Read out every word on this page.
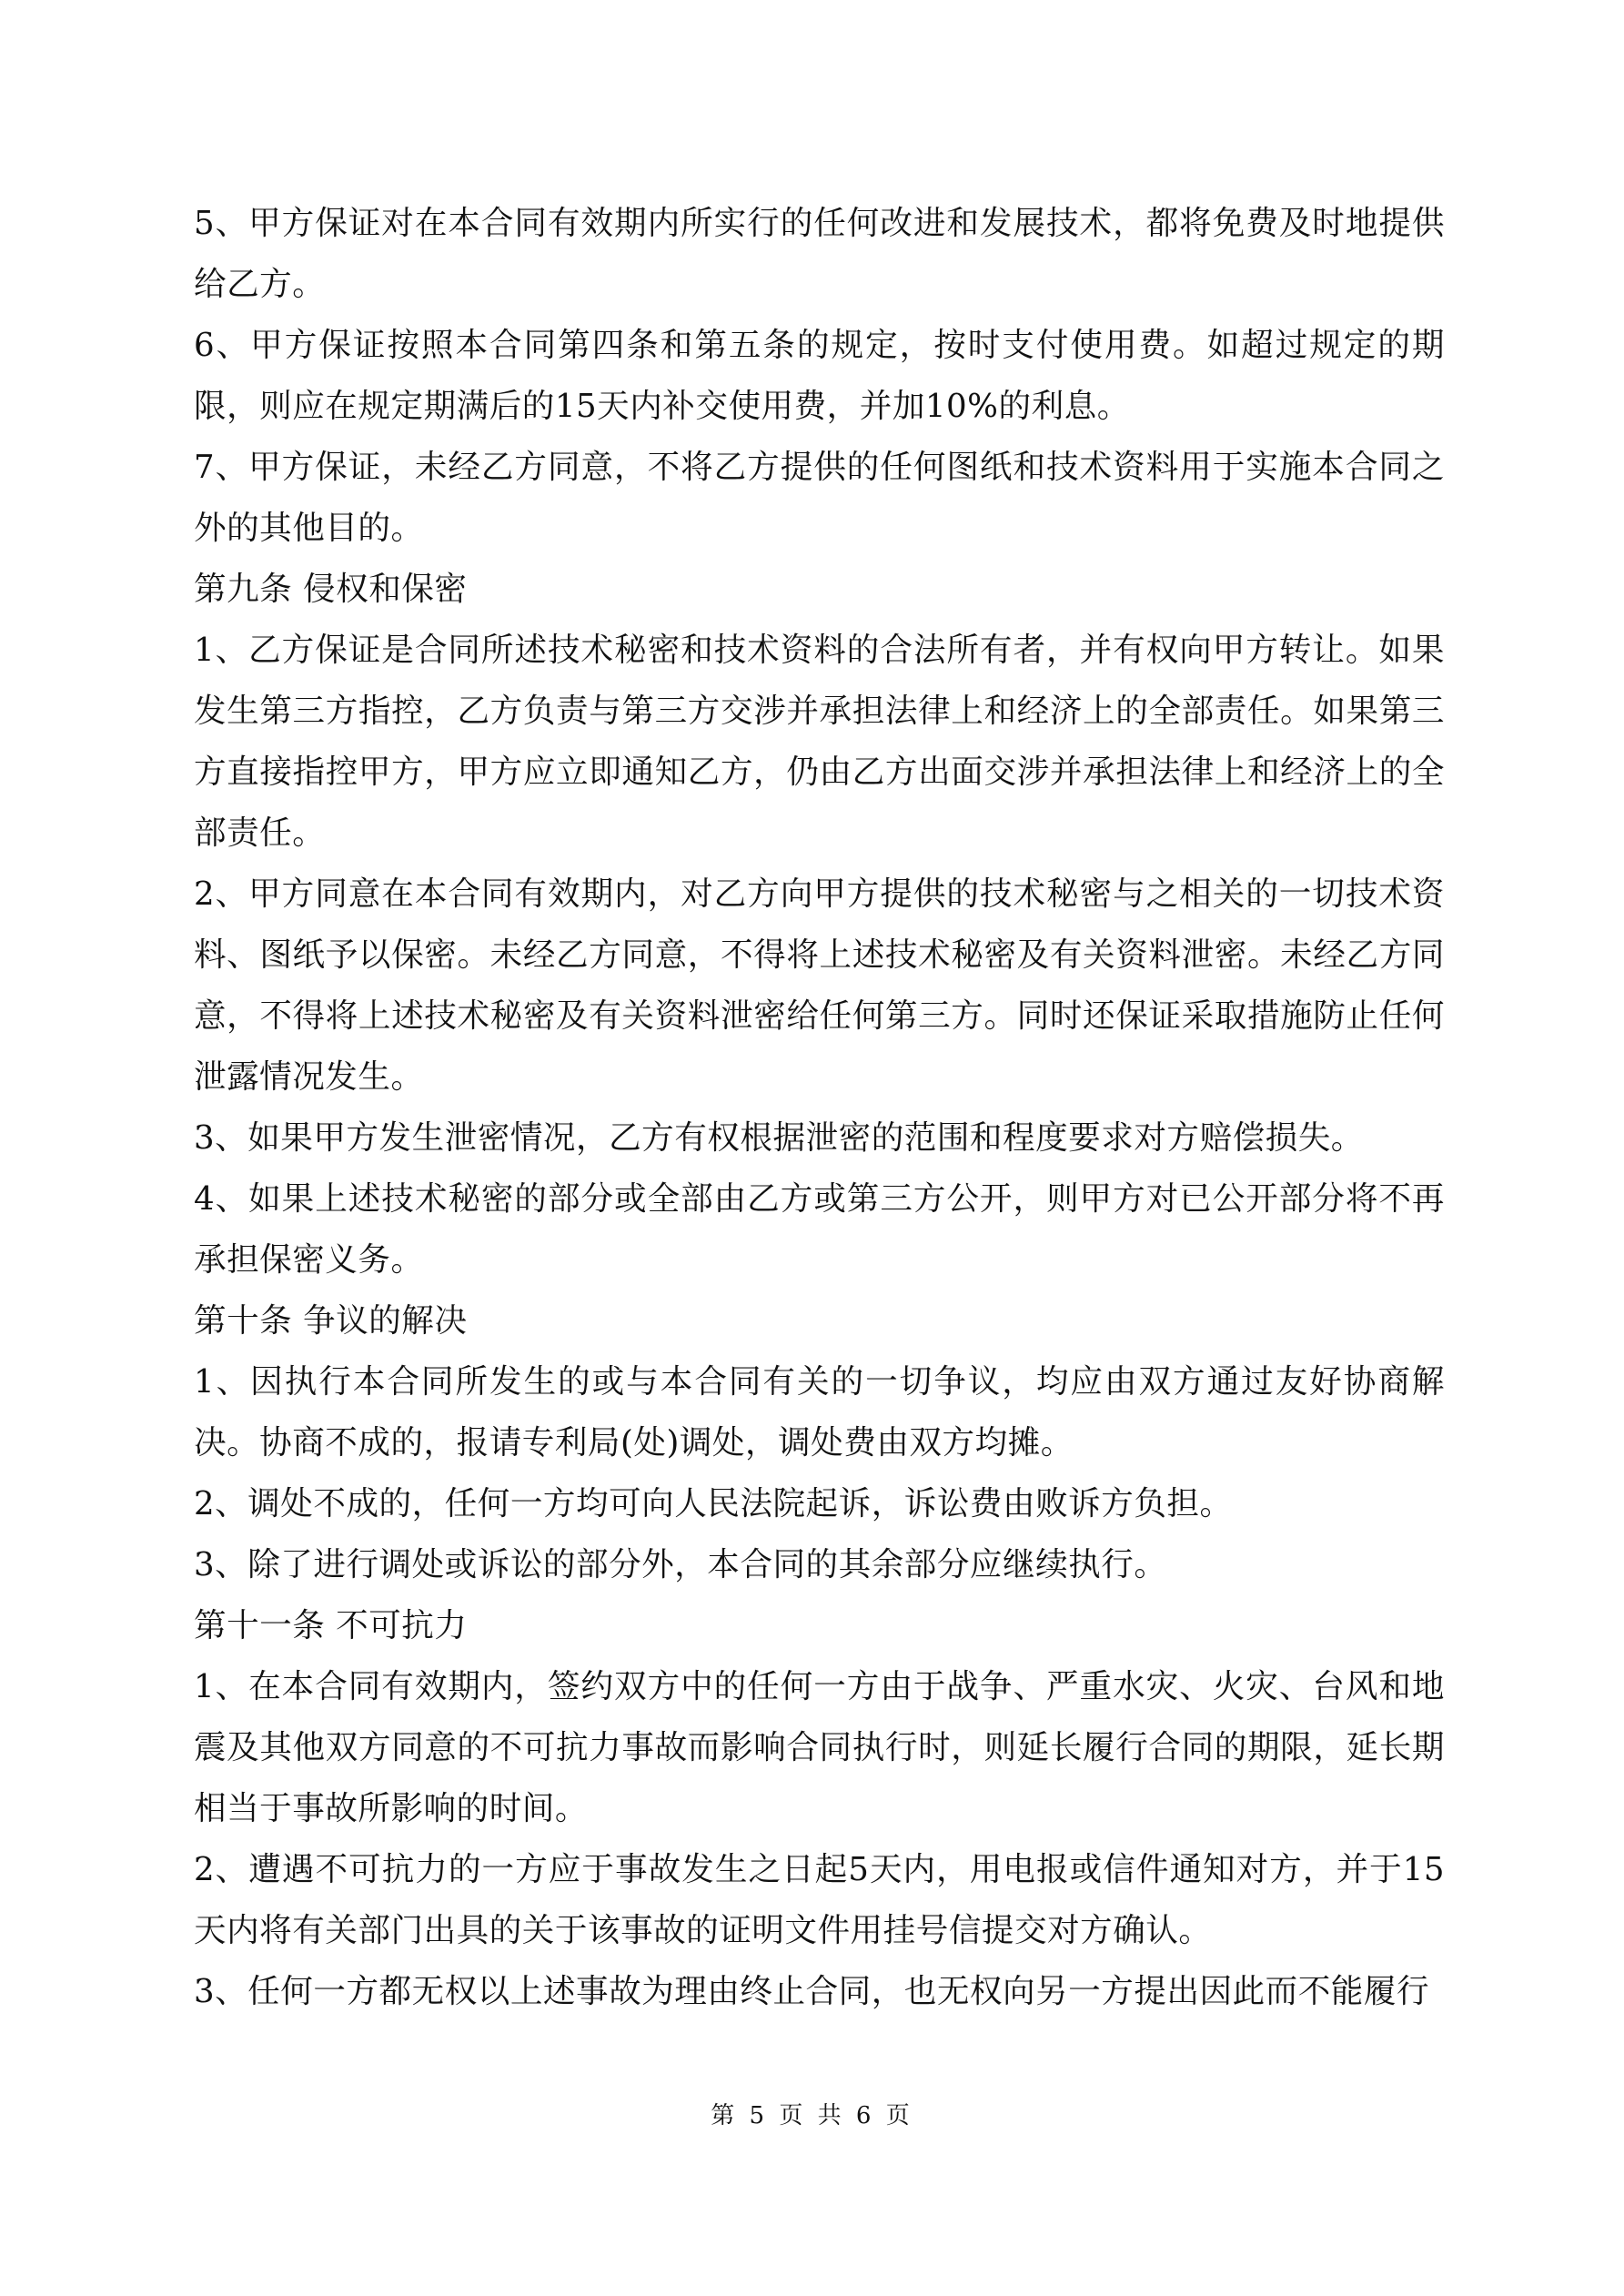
5、甲方保证对在本合同有效期内所实行的任何改进和发展技术，都将免费及时地提供给乙方。

6、甲方保证按照本合同第四条和第五条的规定，按时支付使用费。如超过规定的期限，则应在规定期满后的15天内补交使用费，并加10%的利息。

7、甲方保证，未经乙方同意，不将乙方提供的任何图纸和技术资料用于实施本合同之外的其他目的。

第九条 侵权和保密

1、乙方保证是合同所述技术秘密和技术资料的合法所有者，并有权向甲方转让。如果发生第三方指控，乙方负责与第三方交涉并承担法律上和经济上的全部责任。如果第三方直接指控甲方，甲方应立即通知乙方，仍由乙方出面交涉并承担法律上和经济上的全部责任。

2、甲方同意在本合同有效期内，对乙方向甲方提供的技术秘密与之相关的一切技术资料、图纸予以保密。未经乙方同意，不得将上述技术秘密及有关资料泄密。未经乙方同意，不得将上述技术秘密及有关资料泄密给任何第三方。同时还保证采取措施防止任何泄露情况发生。

3、如果甲方发生泄密情况，乙方有权根据泄密的范围和程度要求对方赔偿损失。

4、如果上述技术秘密的部分或全部由乙方或第三方公开，则甲方对已公开部分将不再承担保密义务。

第十条 争议的解决

1、因执行本合同所发生的或与本合同有关的一切争议，均应由双方通过友好协商解决。协商不成的，报请专利局(处)调处，调处费由双方均摊。

2、调处不成的，任何一方均可向人民法院起诉，诉讼费由败诉方负担。

3、除了进行调处或诉讼的部分外，本合同的其余部分应继续执行。

第十一条 不可抗力

1、在本合同有效期内，签约双方中的任何一方由于战争、严重水灾、火灾、台风和地震及其他双方同意的不可抗力事故而影响合同执行时，则延长履行合同的期限，延长期相当于事故所影响的时间。

2、遭遇不可抗力的一方应于事故发生之日起5天内，用电报或信件通知对方，并于15天内将有关部门出具的关于该事故的证明文件用挂号信提交对方确认。

3、任何一方都无权以上述事故为理由终止合同，也无权向另一方提出因此而不能履行

第 5 页 共 6 页
